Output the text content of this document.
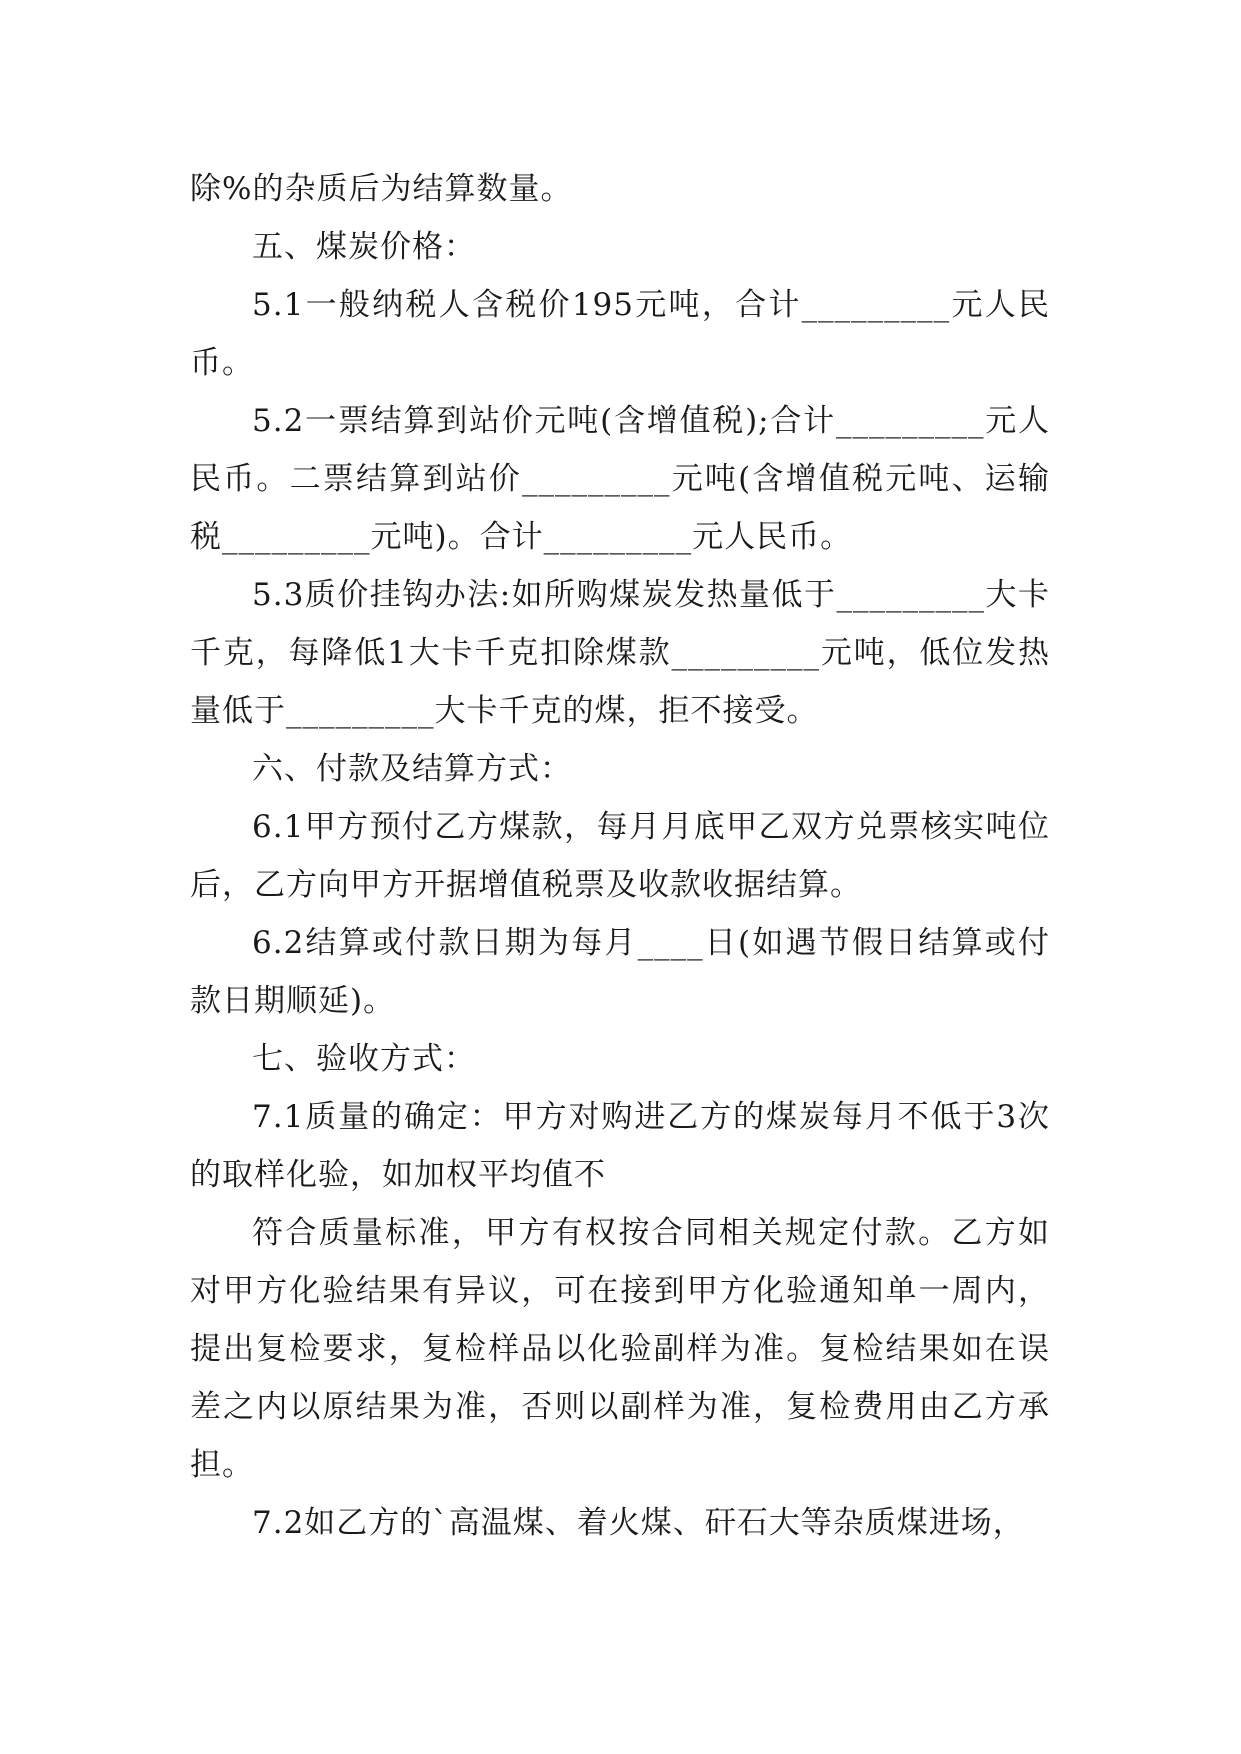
除%的杂质后为结算数量。

五、煤炭价格：

5.1一般纳税人含税价195元吨，合计_________元人民币。

5.2一票结算到站价元吨(含增值税);合计_________元人民币。二票结算到站价_________元吨(含增值税元吨、运输税_________元吨)。合计_________元人民币。

5.3质价挂钩办法:如所购煤炭发热量低于_________大卡千克，每降低1大卡千克扣除煤款_________元吨，低位发热量低于_________大卡千克的煤，拒不接受。

六、付款及结算方式：

6.1甲方预付乙方煤款，每月月底甲乙双方兑票核实吨位后，乙方向甲方开据增值税票及收款收据结算。

6.2结算或付款日期为每月____日(如遇节假日结算或付款日期顺延)。

七、验收方式：

7.1质量的确定：甲方对购进乙方的煤炭每月不低于3次的取样化验，如加权平均值不

符合质量标准，甲方有权按合同相关规定付款。乙方如对甲方化验结果有异议，可在接到甲方化验通知单一周内，提出复检要求，复检样品以化验副样为准。复检结果如在误差之内以原结果为准，否则以副样为准，复检费用由乙方承担。

7.2如乙方的`高温煤、着火煤、矸石大等杂质煤进场，
